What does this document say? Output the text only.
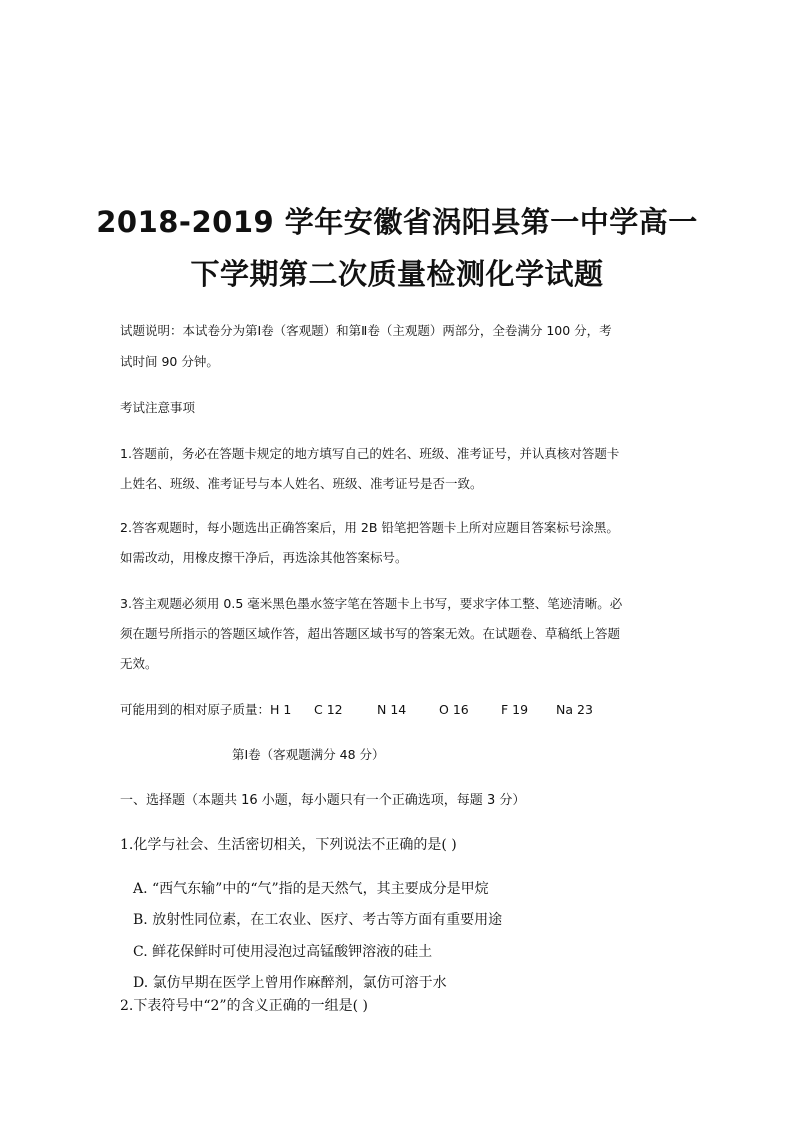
2018-2019 学年安徽省涡阳县第一中学高一
下学期第二次质量检测化学试题

试题说明：本试卷分为第Ⅰ卷（客观题）和第Ⅱ卷（主观题）两部分，全卷满分 100 分，考

试时间 90 分钟。

考试注意事项

1.答题前，务必在答题卡规定的地方填写自己的姓名、班级、准考证号，并认真核对答题卡

上姓名、班级、准考证号与本人姓名、班级、准考证号是否一致。

2.答客观题时，每小题选出正确答案后，用 2B 铅笔把答题卡上所对应题目答案标号涂黑。

如需改动，用橡皮擦干净后，再选涂其他答案标号。

3.答主观题必须用 0.5 毫米黑色墨水签字笔在答题卡上书写，要求字体工整、笔迹清晰。必

须在题号所指示的答题区域作答，超出答题区域书写的答案无效。在试题卷、草稿纸上答题

无效。

可能用到的相对原子质量：H 1 C 12	N 14	O 16	F 19 Na 23

第Ⅰ卷（客观题满分 48 分）

一、选择题（本题共 16 小题，每小题只有一个正确选项，每题 3 分）

1.化学与社会、生活密切相关，下列说法不正确的是( )

A. “西气东输”中的“气”指的是天然气，其主要成分是甲烷

B. 放射性同位素，在工农业、医疗、考古等方面有重要用途

C. 鲜花保鲜时可使用浸泡过高锰酸钾溶液的硅土

D. 氯仿早期在医学上曾用作麻醉剂，氯仿可溶于水

2.下表符号中“2”的含义正确的一组是( )
